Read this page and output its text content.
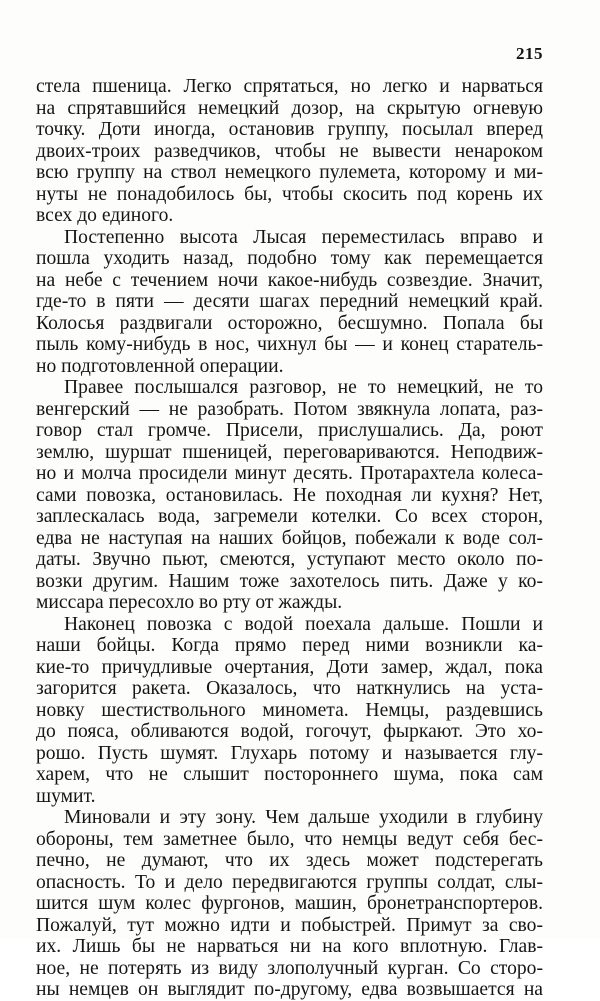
215
стела пшеница. Легко спрятаться, но легко и нарваться
на спрятавшийся немецкий дозор, на скрытую огневую
точку. Доти иногда, остановив группу, посылал вперед
двоих-троих разведчиков, чтобы не вывести ненароком
всю группу на ствол немецкого пулемета, которому и ми-
нуты не понадобилось бы, чтобы скосить под корень их
всех до единого.
Постепенно высота Лысая переместилась вправо и
пошла уходить назад, подобно тому как перемещается
на небе с течением ночи какое-нибудь созвездие. Значит,
где-то в пяти — десяти шагах передний немецкий край.
Колосья раздвигали осторожно, бесшумно. Попала бы
пыль кому-нибудь в нос, чихнул бы — и конец старатель-
но подготовленной операции.
Правее послышался разговор, не то немецкий, не то
венгерский — не разобрать. Потом звякнула лопата, раз-
говор стал громче. Присели, прислушались. Да, роют
землю, шуршат пшеницей, переговариваются. Неподвиж-
но и молча просидели минут десять. Протарахтела колеса-
сами повозка, остановилась. Не походная ли кухня? Нет,
заплескалась вода, загремели котелки. Со всех сторон,
едва не наступая на наших бойцов, побежали к воде сол-
даты. Звучно пьют, смеются, уступают место около по-
возки другим. Нашим тоже захотелось пить. Даже у ко-
миссара пересохло во рту от жажды.
Наконец повозка с водой поехала дальше. Пошли и
наши бойцы. Когда прямо перед ними возникли ка-
кие-то причудливые очертания, Доти замер, ждал, пока
загорится ракета. Оказалось, что наткнулись на уста-
новку шестиствольного миномета. Немцы, раздевшись
до пояса, обливаются водой, гогочут, фыркают. Это хо-
рошо. Пусть шумят. Глухарь потому и называется глу-
харем, что не слышит постороннего шума, пока сам
шумит.
Миновали и эту зону. Чем дальше уходили в глубину
обороны, тем заметнее было, что немцы ведут себя бес-
печно, не думают, что их здесь может подстерегать
опасность. То и дело передвигаются группы солдат, слы-
шится шум колес фургонов, машин, бронетранспортеров.
Пожалуй, тут можно идти и побыстрей. Примут за сво-
их. Лишь бы не нарваться ни на кого вплотную. Глав-
ное, не потерять из виду злополучный курган. Со сторо-
ны немцев он выглядит по-другому, едва возвышается на
